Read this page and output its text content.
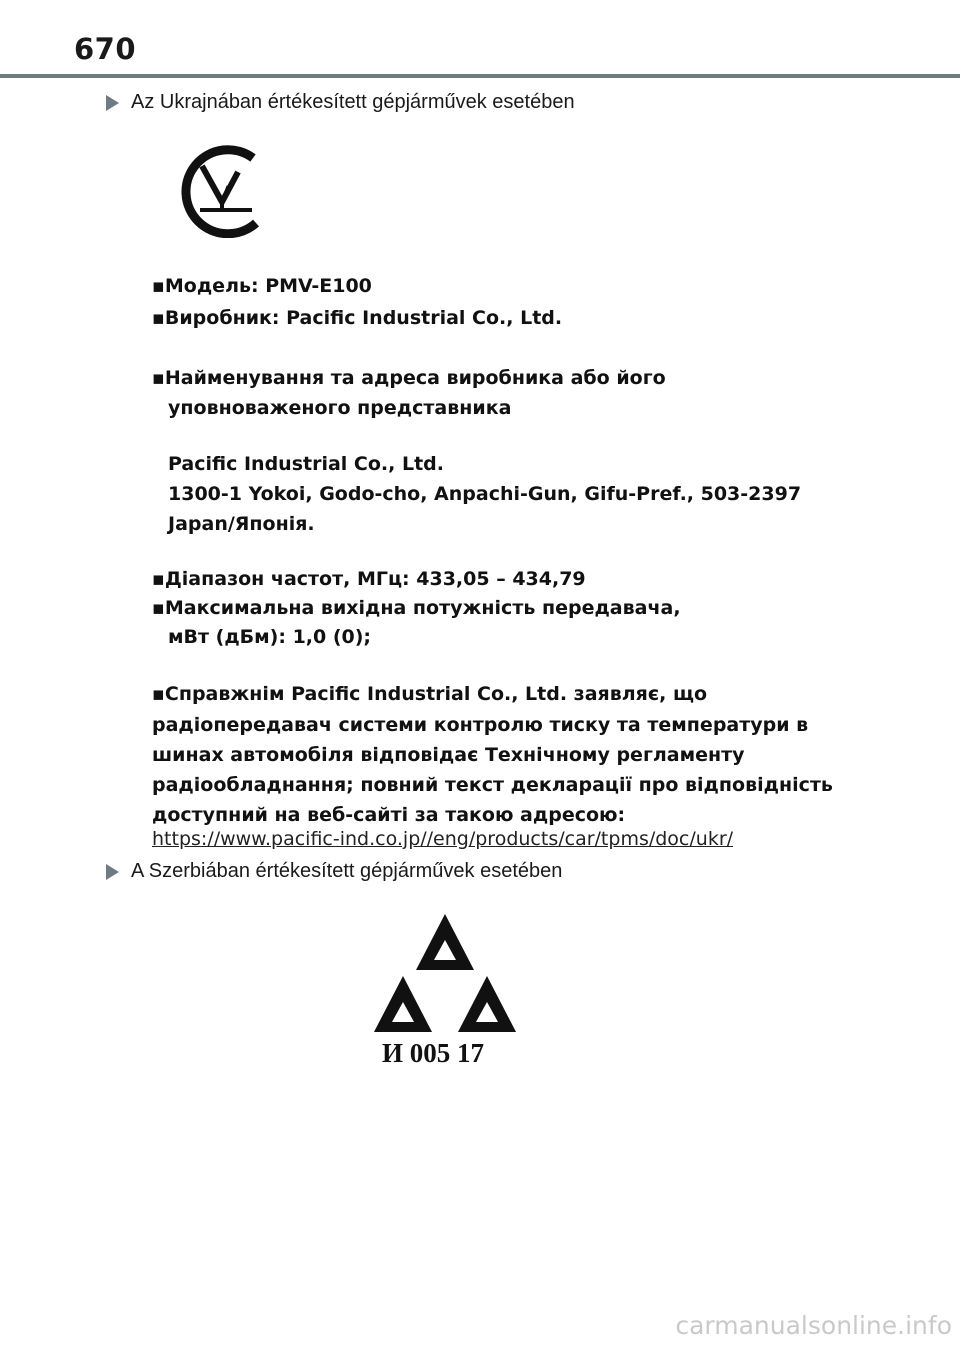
670
Az Ukrajnában értékesített gépjárművek esetében
▪Модель: PMV-E100
▪Виробник: Pacific Industrial Co., Ltd.
▪Найменування та адреса виробника або його
уповноваженого представника
Pacific Industrial Co., Ltd.
1300-1 Yokoi, Godo-cho, Anpachi-Gun, Gifu-Pref., 503-2397
Japan/Японія.
▪Діапазон частот, МГц: 433,05 – 434,79
▪Максимальна вихідна потужність передавача,
мВт (дБм): 1,0 (0);
▪Справжнім Pacific Industrial Co., Ltd. заявляє, що
радіопередавач системи контролю тиску та температури в
шинах автомобіля відповідає Технічному регламенту
радіообладнання; повний текст декларації про відповідність
доступний на веб-сайті за такою адресою:
https://www.pacific-ind.co.jp//eng/products/car/tpms/doc/ukr/
A Szerbiában értékesített gépjárművek esetében
И 005 17
carmanualsonline.info
